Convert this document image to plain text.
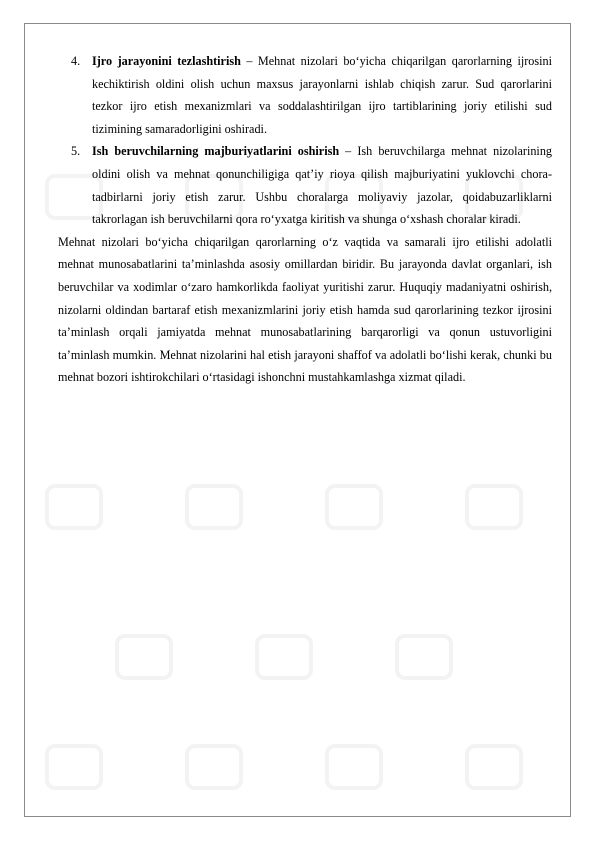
4. Ijro jarayonini tezlashtirish – Mehnat nizolari bo‘yicha chiqarilgan qarorlarning ijrosini kechiktirish oldini olish uchun maxsus jarayonlarni ishlab chiqish zarur. Sud qarorlarini tezkor ijro etish mexanizmlari va soddalashtirilgan ijro tartiblarining joriy etilishi sud tizimining samaradorligini oshiradi.
5. Ish beruvchilarning majburiyatlarini oshirish – Ish beruvchilarga mehnat nizolarining oldini olish va mehnat qonunchiligiga qat’iy rioya qilish majburiyatini yuklovchi chora-tadbirlarni joriy etish zarur. Ushbu choralarga moliyaviy jazolar, qoidabuzarliklarni takrorlagan ish beruvchilarni qora ro‘yxatga kiritish va shunga o‘xshash choralar kiradi.

Mehnat nizolari bo‘yicha chiqarilgan qarorlarning o‘z vaqtida va samarali ijro etilishi adolatli mehnat munosabatlarini ta’minlashda asosiy omillardan biridir. Bu jarayonda davlat organlari, ish beruvchilar va xodimlar o‘zaro hamkorlikda faoliyat yuritishi zarur. Huquqiy madaniyatni oshirish, nizolarni oldindan bartaraf etish mexanizmlarini joriy etish hamda sud qarorlarining tezkor ijrosini ta’minlash orqali jamiyatda mehnat munosabatlarining barqarorligi va qonun ustuvorligini ta’minlash mumkin. Mehnat nizolarini hal etish jarayoni shaffof va adolatli bo‘lishi kerak, chunki bu mehnat bozori ishtirokchilari o‘rtasidagi ishonchni mustahkamlashga xizmat qiladi.
